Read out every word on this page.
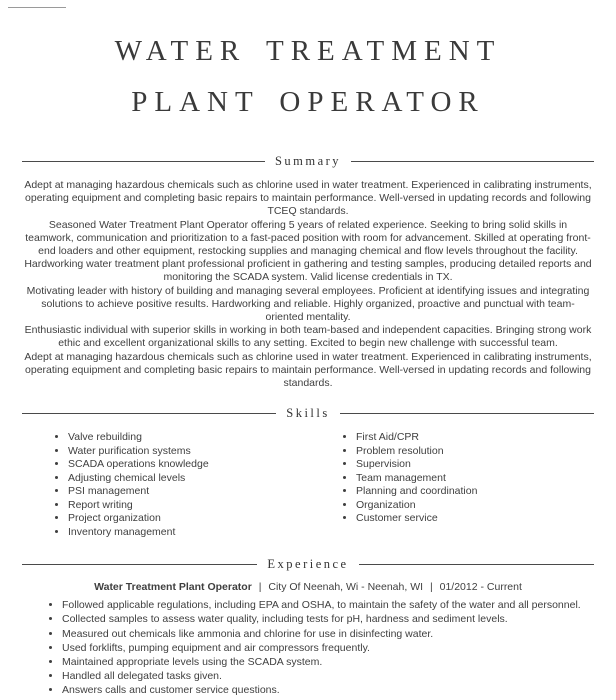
WATER TREATMENT PLANT OPERATOR
Summary

Adept at managing hazardous chemicals such as chlorine used in water treatment. Experienced in calibrating instruments, operating equipment and completing basic repairs to maintain performance. Well-versed in updating records and following TCEQ standards.

Seasoned Water Treatment Plant Operator offering 5 years of related experience. Seeking to bring solid skills in teamwork, communication and prioritization to a fast-paced position with room for advancement. Skilled at operating front-end loaders and other equipment, restocking supplies and managing chemical and flow levels throughout the facility.

Hardworking water treatment plant professional proficient in gathering and testing samples, producing detailed reports and monitoring the SCADA system. Valid license credentials in TX.

Motivating leader with history of building and managing several employees. Proficient at identifying issues and integrating solutions to achieve positive results. Hardworking and reliable. Highly organized, proactive and punctual with team-oriented mentality.

Enthusiastic individual with superior skills in working in both team-based and independent capacities. Bringing strong work ethic and excellent organizational skills to any setting. Excited to begin new challenge with successful team.

Adept at managing hazardous chemicals such as chlorine used in water treatment. Experienced in calibrating instruments, operating equipment and completing basic repairs to maintain performance. Well-versed in updating records and following standards.

Skills
• Valve rebuilding
• Water purification systems
• SCADA operations knowledge
• Adjusting chemical levels
• PSI management
• Report writing
• Project organization
• Inventory management
• First Aid/CPR
• Problem resolution
• Supervision
• Team management
• Planning and coordination
• Organization
• Customer service
Experience

Water Treatment Plant Operator | City Of Neenah, Wi - Neenah, WI | 01/2012 - Current

• Followed applicable regulations, including EPA and OSHA, to maintain the safety of the water and all personnel.
• Collected samples to assess water quality, including tests for pH, hardness and sediment levels.
• Measured out chemicals like ammonia and chlorine for use in disinfecting water.
• Used forklifts, pumping equipment and air compressors frequently.
• Maintained appropriate levels using the SCADA system.
• Handled all delegated tasks given.
• Answers calls and customer service questions.
